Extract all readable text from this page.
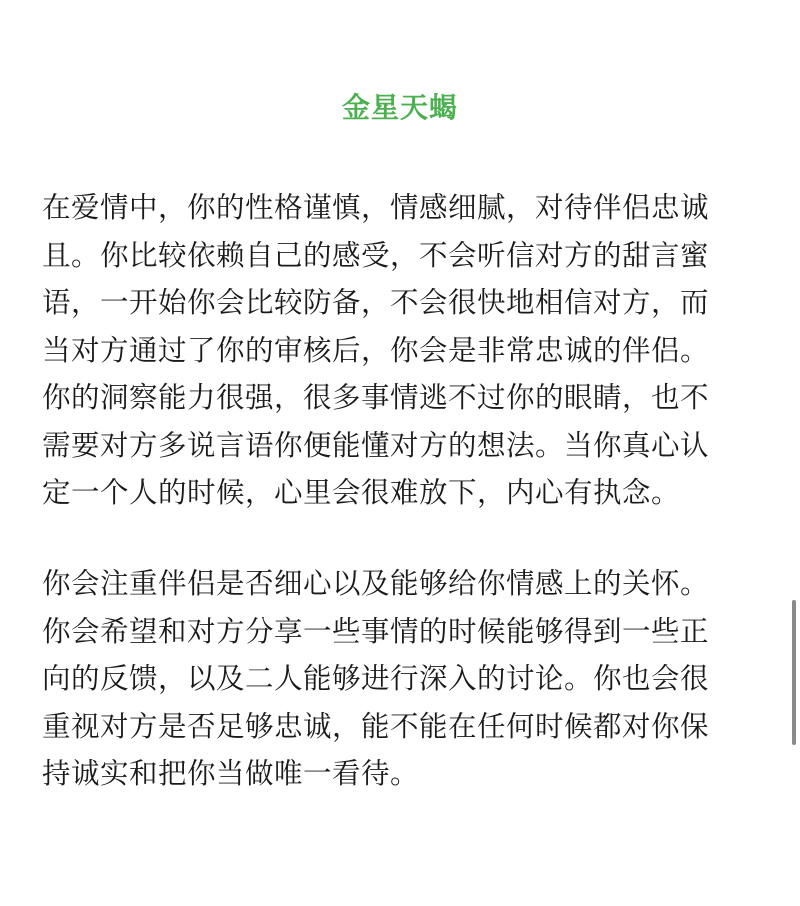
金星天蝎
在爱情中，你的性格谨慎，情感细腻，对待伴侣忠诚
且。你比较依赖自己的感受，不会听信对方的甜言蜜
语，一开始你会比较防备，不会很快地相信对方，而
当对方通过了你的审核后，你会是非常忠诚的伴侣。
你的洞察能力很强，很多事情逃不过你的眼睛，也不
需要对方多说言语你便能懂对方的想法。当你真心认
定一个人的时候，心里会很难放下，内心有执念。
你会注重伴侣是否细心以及能够给你情感上的关怀。
你会希望和对方分享一些事情的时候能够得到一些正
向的反馈，以及二人能够进行深入的讨论。你也会很
重视对方是否足够忠诚，能不能在任何时候都对你保
持诚实和把你当做唯一看待。
